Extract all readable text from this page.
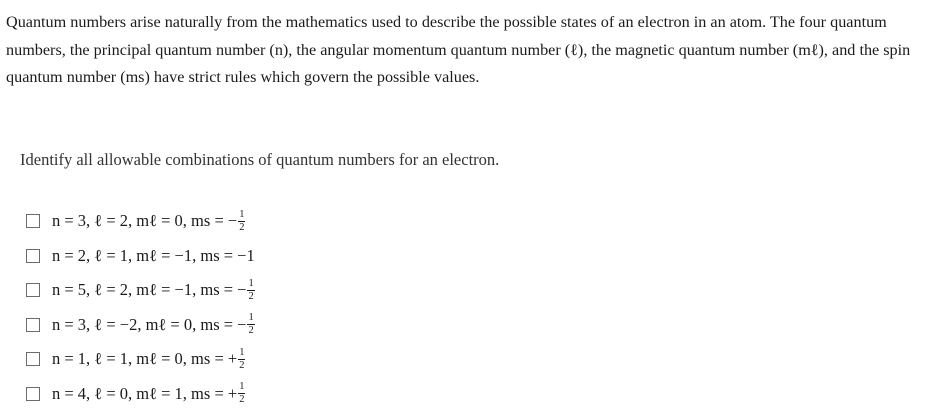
Quantum numbers arise naturally from the mathematics used to describe the possible states of an electron in an atom. The four quantum numbers, the principal quantum number (n), the angular momentum quantum number (ℓ), the magnetic quantum number (mℓ), and the spin quantum number (ms) have strict rules which govern the possible values.
Identify all allowable combinations of quantum numbers for an electron.
n = 3, ℓ = 2, mℓ = 0, ms = − $\frac{1}{2}$
n = 2, ℓ = 1, mℓ = −1, ms = −1
n = 5, ℓ = 2, mℓ = −1, ms = − $\frac{1}{2}$
n = 3, ℓ = −2, mℓ = 0, ms = − $\frac{1}{2}$
n = 1, ℓ = 1, mℓ = 0, ms = + $\frac{1}{2}$
n = 4, ℓ = 0, mℓ = 1, ms = + $\frac{1}{2}$
